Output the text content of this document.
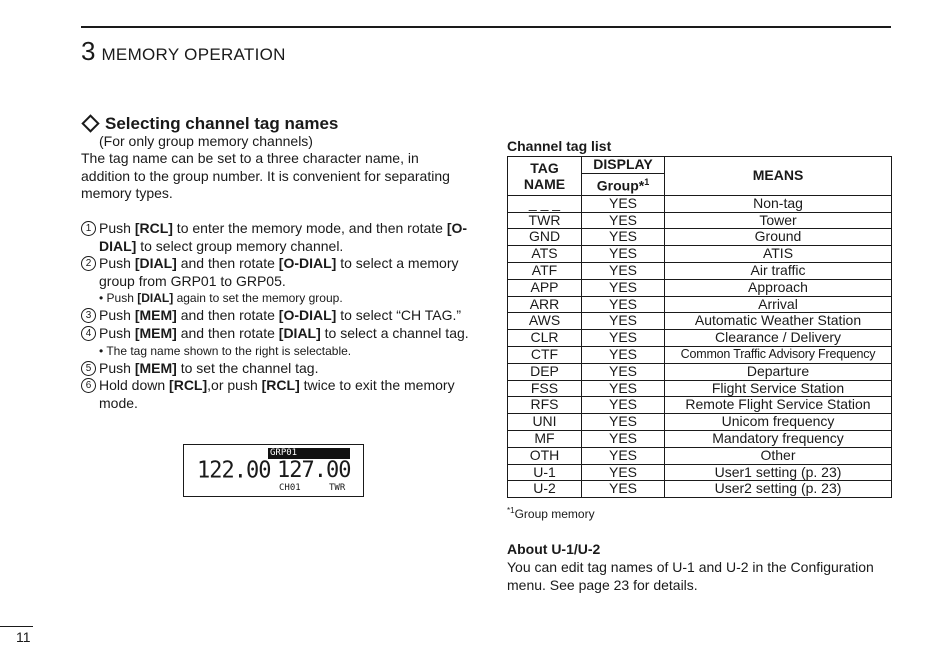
3 MEMORY OPERATION
Selecting channel tag names
(For only group memory channels)
The tag name can be set to a three character name, in addition to the group number. It is convenient for separating memory types.
1 Push [RCL] to enter the memory mode, and then rotate [O-DIAL] to select group memory channel.
2 Push [DIAL] and then rotate [O-DIAL] to select a memory group from GRP01 to GRP05.
• Push [DIAL] again to set the memory group.
3 Push [MEM] and then rotate [O-DIAL] to select “CH TAG.”
4 Push [MEM] and then rotate [DIAL] to select a channel tag.
• The tag name shown to the right is selectable.
5 Push [MEM] to set the channel tag.
6 Hold down [RCL],or push [RCL] twice to exit the memory mode.
GRP01
122.00 127.00
CH01	TWR
Channel tag list
TAG NAME	DISPLAY	MEANS
	Group*$^1$
_ _ _	YES	Non-tag
TWR	YES	Tower
GND	YES	Ground
ATS	YES	ATIS
ATF	YES	Air traffic
APP	YES	Approach
ARR	YES	Arrival
AWS	YES	Automatic Weather Station
CLR	YES	Clearance / Delivery
CTF	YES	Common Traffic Advisory Frequency
DEP	YES	Departure
FSS	YES	Flight Service Station
RFS	YES	Remote Flight Service Station
UNI	YES	Unicom frequency
MF	YES	Mandatory frequency
OTH	YES	Other
U-1	YES	User1 setting (p. 23)
U-2	YES	User2 setting (p. 23)
$^{*1}$Group memory
About U-1/U-2
You can edit tag names of U-1 and U-2 in the Configuration menu. See page 23 for details.
11
